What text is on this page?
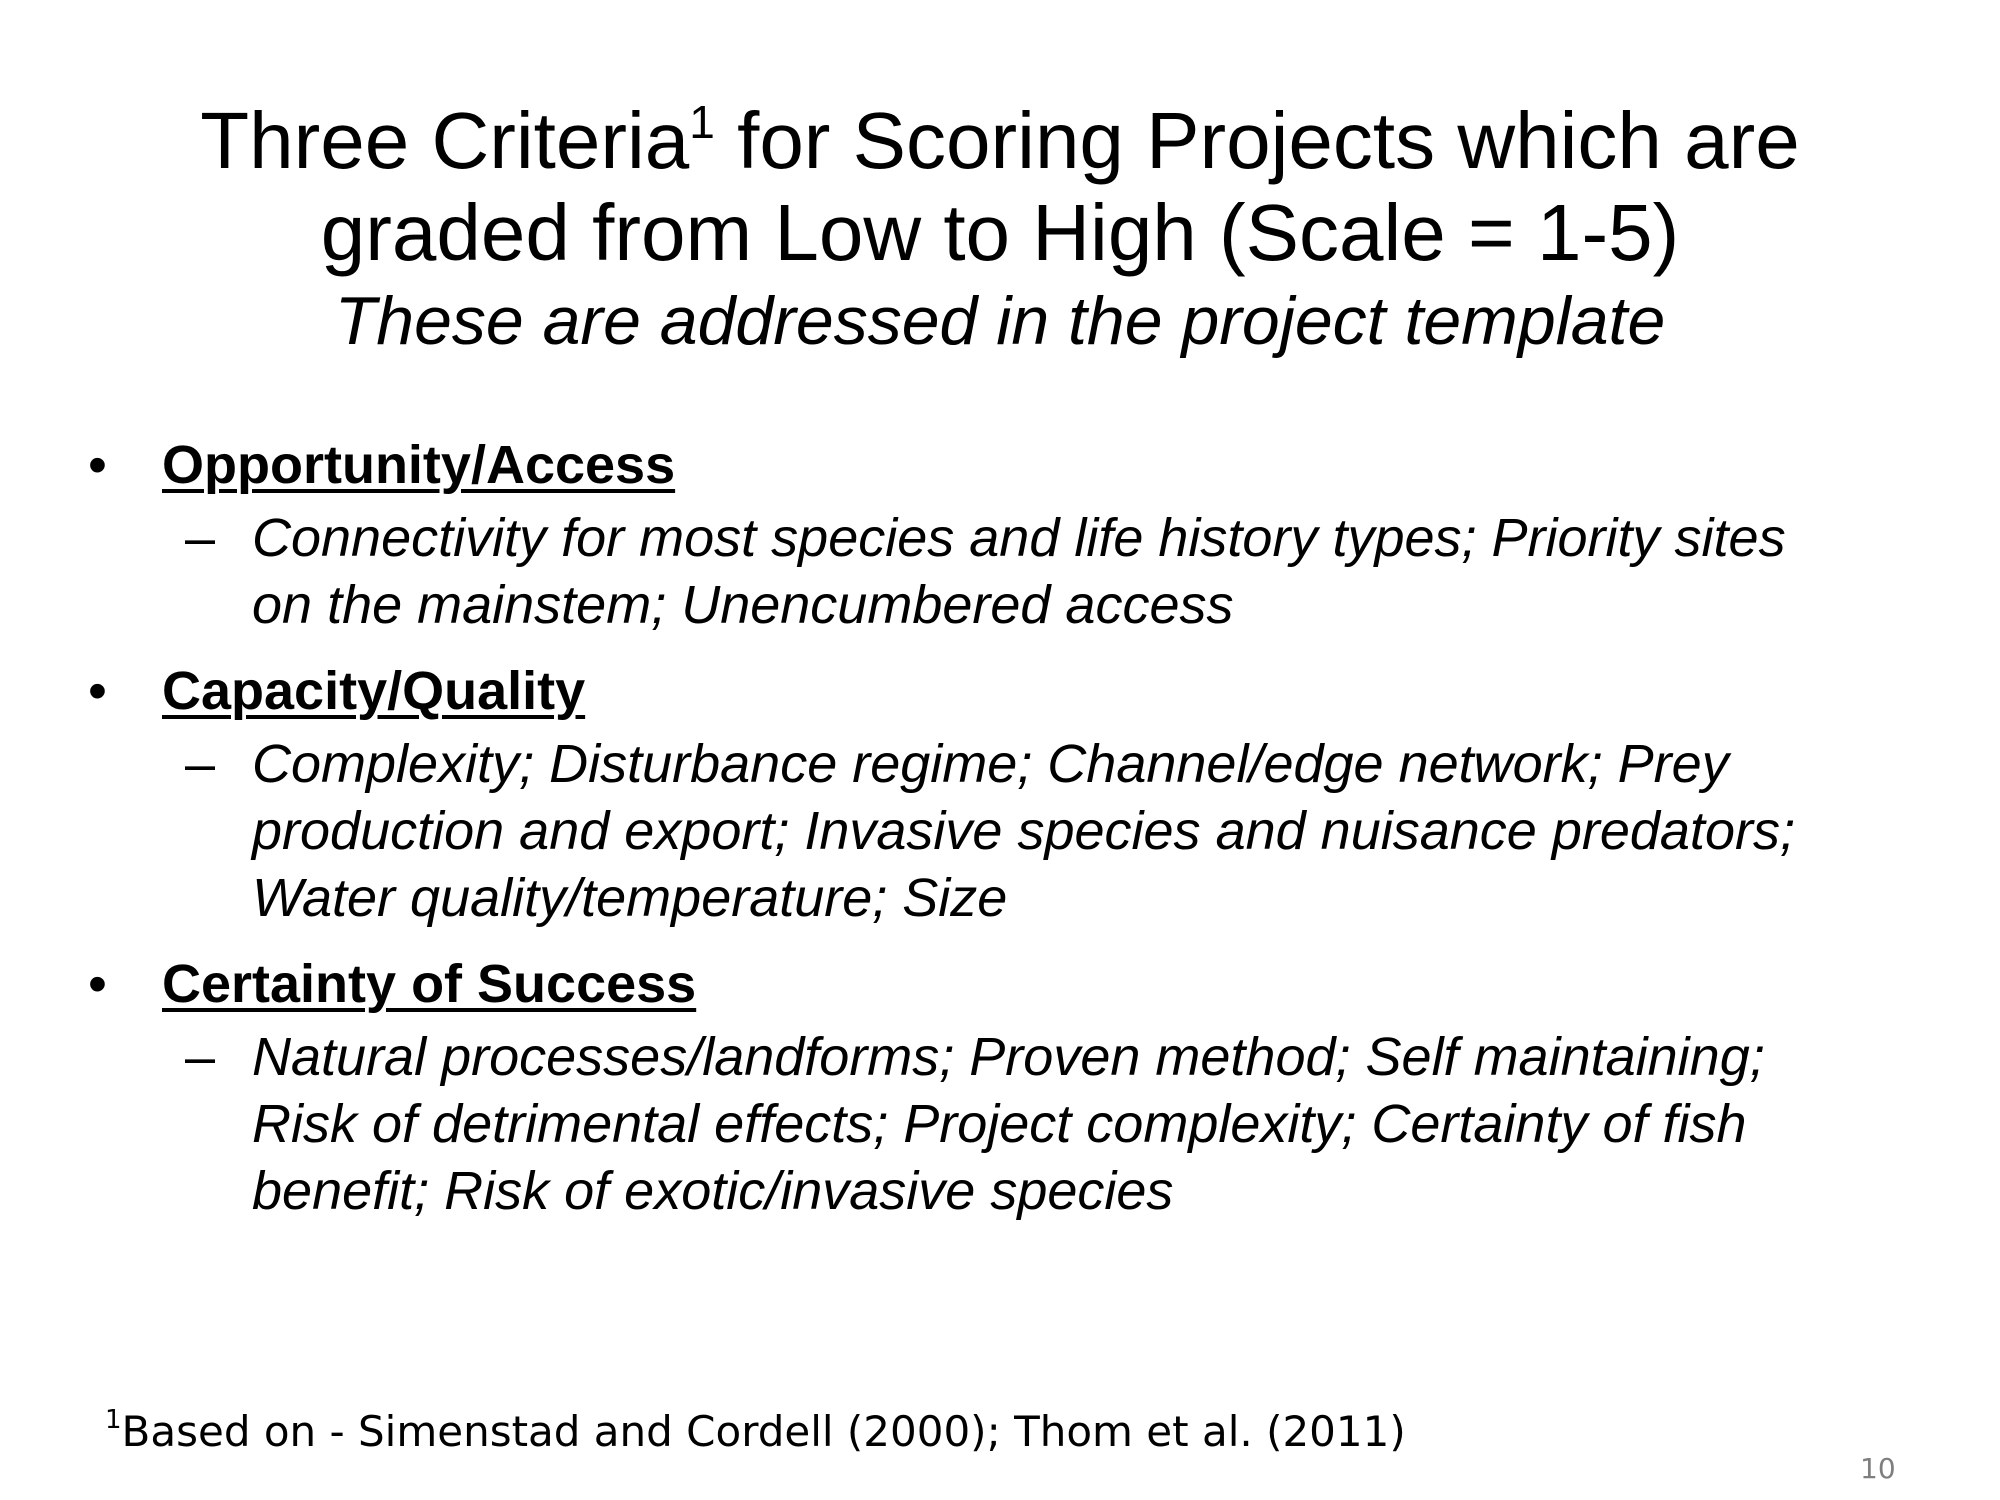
Three Criteria$^1$ for Scoring Projects which are
graded from Low to High (Scale = 1-5)
These are addressed in the project template
• Opportunity/Access
– Connectivity for most species and life history types; Priority sites
on the mainstem; Unencumbered access
• Capacity/Quality
– Complexity; Disturbance regime; Channel/edge network; Prey
production and export; Invasive species and nuisance predators;
Water quality/temperature; Size
• Certainty of Success
– Natural processes/landforms; Proven method; Self maintaining;
Risk of detrimental effects; Project complexity; Certainty of fish
benefit; Risk of exotic/invasive species
$^1$Based on - Simenstad and Cordell (2000); Thom et al. (2011)
10
